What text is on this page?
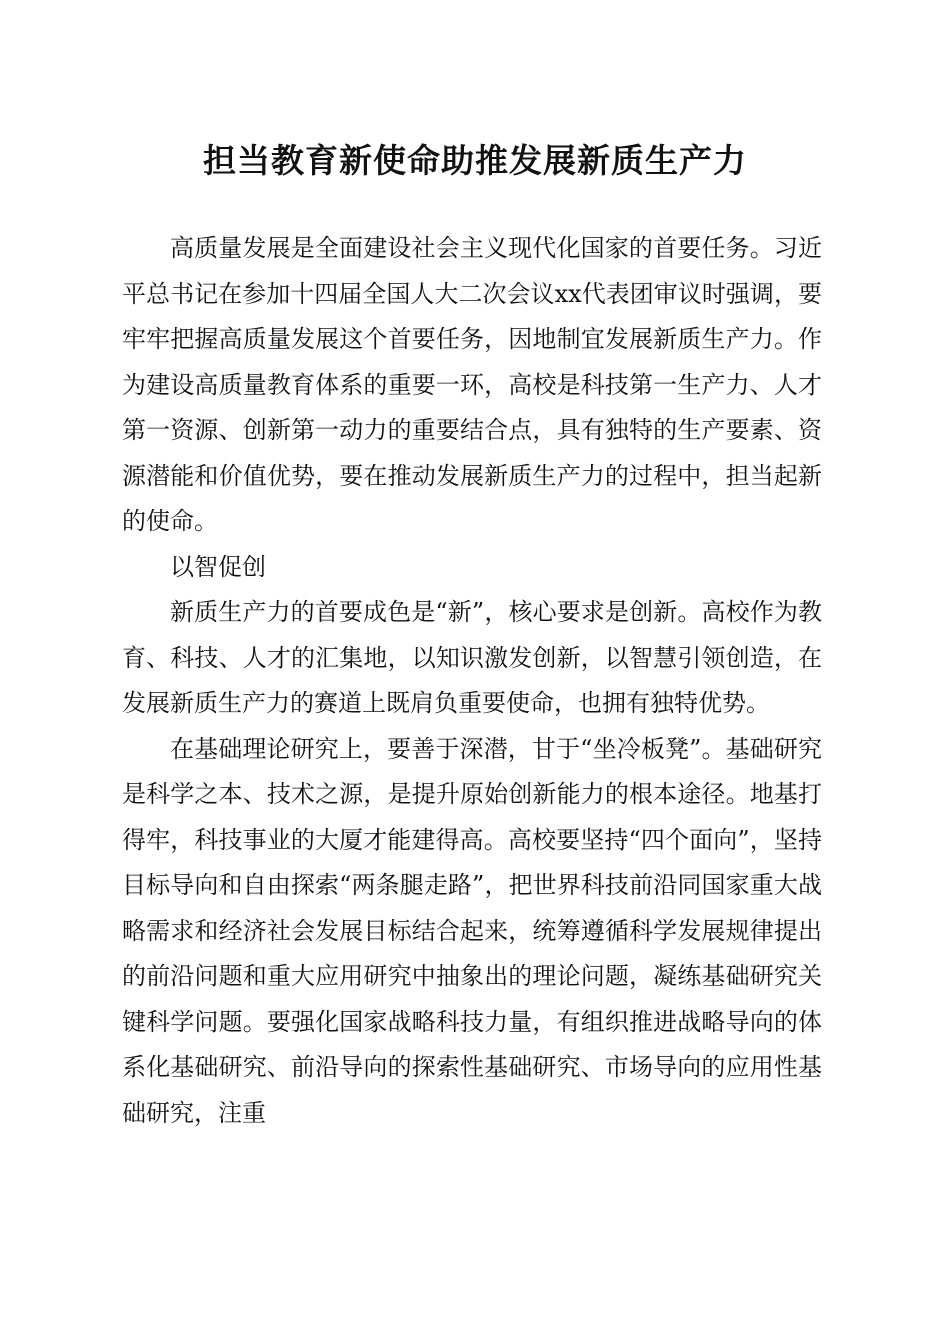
担当教育新使命助推发展新质生产力

高质量发展是全面建设社会主义现代化国家的首要任务。习近平总书记在参加十四届全国人大二次会议xx代表团审议时强调，要牢牢把握高质量发展这个首要任务，因地制宜发展新质生产力。作为建设高质量教育体系的重要一环，高校是科技第一生产力、人才第一资源、创新第一动力的重要结合点，具有独特的生产要素、资源潜能和价值优势，要在推动发展新质生产力的过程中，担当起新的使命。

以智促创

新质生产力的首要成色是“新”，核心要求是创新。高校作为教育、科技、人才的汇集地，以知识激发创新，以智慧引领创造，在发展新质生产力的赛道上既肩负重要使命，也拥有独特优势。

在基础理论研究上，要善于深潜，甘于“坐冷板凳”。基础研究是科学之本、技术之源，是提升原始创新能力的根本途径。地基打得牢，科技事业的大厦才能建得高。高校要坚持“四个面向”，坚持目标导向和自由探索“两条腿走路”，把世界科技前沿同国家重大战略需求和经济社会发展目标结合起来，统筹遵循科学发展规律提出的前沿问题和重大应用研究中抽象出的理论问题，凝练基础研究关键科学问题。要强化国家战略科技力量，有组织推进战略导向的体系化基础研究、前沿导向的探索性基础研究、市场导向的应用性基础研究，注重
